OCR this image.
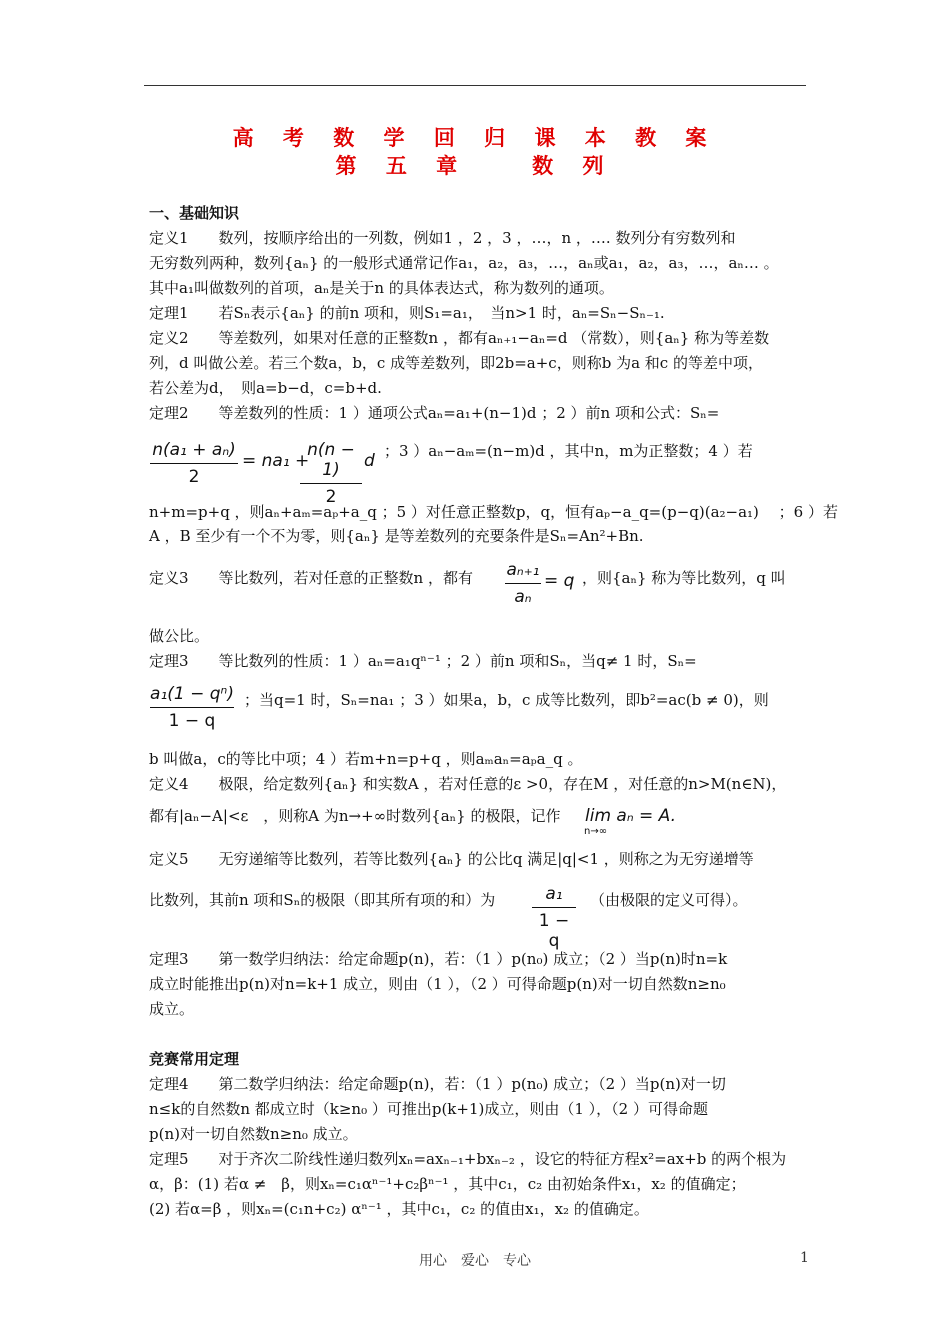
高 考 数 学 回 归 课 本 教 案
第 五 章　　数 列
一、基础知识
定义1　　数列，按顺序给出的一列数，例如1 ，2 ，3 ，…，n ，…. 数列分有穷数列和
无穷数列两种，数列{aₙ} 的一般形式通常记作a₁，a₂，a₃，…，aₙ或a₁，a₂，a₃，…，aₙ… 。
其中a₁叫做数列的首项，aₙ是关于n 的具体表达式，称为数列的通项。
定理1　　若Sₙ表示{aₙ} 的前n 项和，则S₁=a₁，　当n>1 时，aₙ=Sₙ−Sₙ₋₁.
定义2　　等差数列，如果对任意的正整数n ，都有aₙ₊₁−aₙ=d （常数），则{aₙ} 称为等差数
列，d 叫做公差。若三个数a，b，c 成等差数列，即2b=a+c，则称b 为a 和c 的等差中项，
若公差为d，　则a=b−d，c=b+d.
定理2　　等差数列的性质：1 ）通项公式aₙ=a₁+(n−1)d ；2 ）前n 项和公式：Sₙ=
n(a₁ + aₙ)
2
= na₁ +
n(n − 1)
2
d ；3 ）aₙ−aₘ=(n−m)d ，其中n，m为正整数；4 ）若
n+m=p+q ，则aₙ+aₘ=aₚ+a_q ；5 ）对任意正整数p，q，恒有aₚ−a_q=(p−q)(a₂−a₁) 　；6 ）若
A ，B 至少有一个不为零，则{aₙ} 是等差数列的充要条件是Sₙ=An²+Bn.
定义3　　等比数列，若对任意的正整数n ，都有 aₙ₊₁
aₙ
= q ，则{aₙ} 称为等比数列，q 叫
做公比。
定理3　　等比数列的性质：1 ）aₙ=a₁qⁿ⁻¹ ；2 ）前n 项和Sₙ，当q≠ 1 时，Sₙ=
a₁(1 − qⁿ)
1 − q
；当q=1 时，Sₙ=na₁ ；3 ）如果a，b，c 成等比数列，即b²=ac(b ≠ 0)，则
b 叫做a，c的等比中项；4 ）若m+n=p+q ，则aₘaₙ=aₚa_q 。
定义4　　极限，给定数列{aₙ} 和实数A ，若对任意的ε >0，存在M ，对任意的n>M(n∈N)，
都有|aₙ−A|<ε　，则称A 为n→+∞时数列{aₙ} 的极限，记作 lim aₙ = A.
n→∞
定义5　　无穷递缩等比数列，若等比数列{aₙ} 的公比q 满足|q|<1 ，则称之为无穷递增等
比数列，其前n 项和Sₙ的极限（即其所有项的和）为	a₁
1 − q
（由极限的定义可得）。
定理3　　第一数学归纳法：给定命题p(n)，若：（1 ）p(n₀) 成立；（2 ）当p(n)时n=k
成立时能推出p(n)对n=k+1 成立，则由（1 ），（2 ）可得命题p(n)对一切自然数n≥n₀
成立。
竞赛常用定理
定理4　　第二数学归纳法：给定命题p(n)，若：（1 ）p(n₀) 成立；（2 ）当p(n)对一切
n≤k的自然数n 都成立时（k≥n₀ ）可推出p(k+1)成立，则由（1 ），（2 ）可得命题
p(n)对一切自然数n≥n₀ 成立。
定理5　　对于齐次二阶线性递归数列xₙ=axₙ₋₁+bxₙ₋₂ ，设它的特征方程x²=ax+b 的两个根为
α，β：(1) 若α ≠　β，则xₙ=c₁αⁿ⁻¹+c₂βⁿ⁻¹ ，其中c₁，c₂ 由初始条件x₁，x₂ 的值确定；
(2) 若α=β ，则xₙ=(c₁n+c₂) αⁿ⁻¹ ，其中c₁，c₂ 的值由x₁，x₂ 的值确定。
用心　爱心　专心	1
